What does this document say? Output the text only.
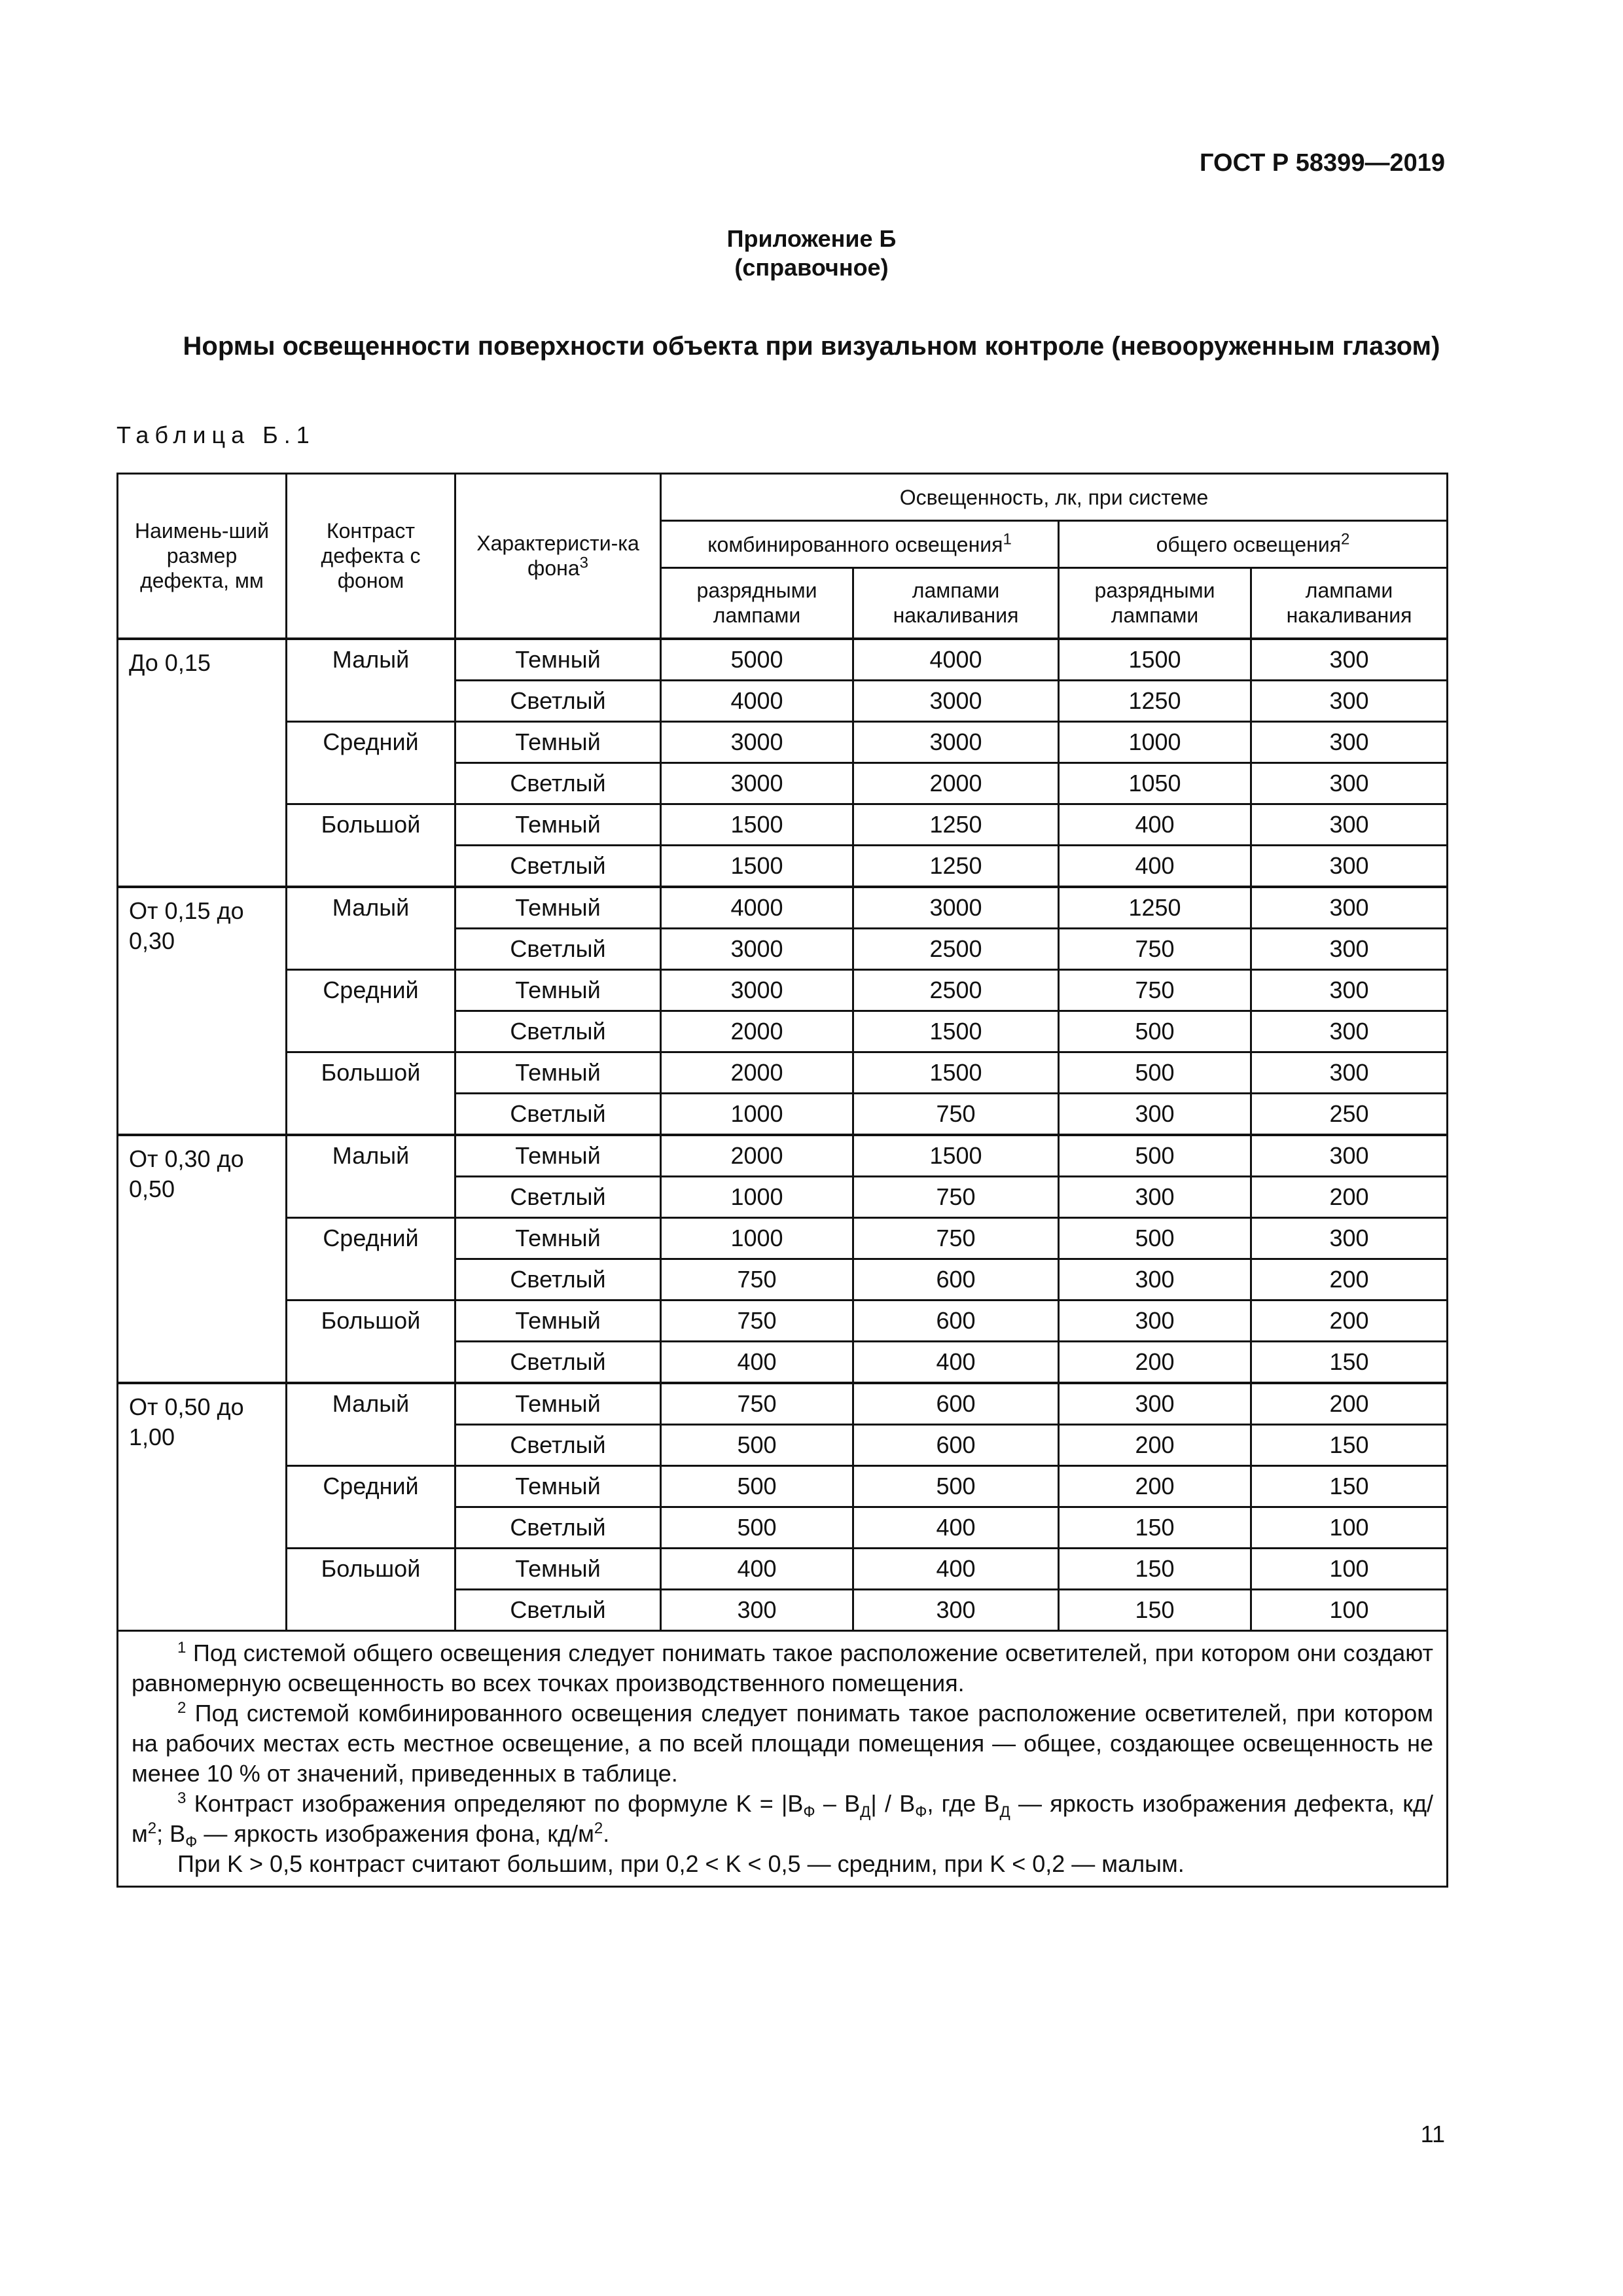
ГОСТ Р 58399—2019
Приложение Б
(справочное)
Нормы освещенности поверхности объекта при визуальном контроле (невооруженным глазом)
Таблица Б.1
Наимень-ший размер дефекта, мм	Контраст дефекта с фоном	Характеристи-ка фона$^3$	Освещенность, лк, при системе			
			комбинированного освещения$^1$		общего освещения$^2$
			разрядными лампами	лампами накаливания	разрядными лампами	лампами накаливания
До 0,15	Малый	Темный	5000	4000	1500	300
		Светлый	4000	3000	1250	300
	Средний	Темный	3000	3000	1000	300
		Светлый	3000	2000	1050	300
	Большой	Темный	1500	1250	400	300
		Светлый	1500	1250	400	300
От 0,15 до 0,30	Малый	Темный	4000	3000	1250	300
		Светлый	3000	2500	750	300
	Средний	Темный	3000	2500	750	300
		Светлый	2000	1500	500	300
	Большой	Темный	2000	1500	500	300
		Светлый	1000	750	300	250
От 0,30 до 0,50	Малый	Темный	2000	1500	500	300
		Светлый	1000	750	300	200
	Средний	Темный	1000	750	500	300
		Светлый	750	600	300	200
	Большой	Темный	750	600	300	200
		Светлый	400	400	200	150
От 0,50 до 1,00	Малый	Темный	750	600	300	200
		Светлый	500	600	200	150
	Средний	Темный	500	500	200	150
		Светлый	500	400	150	100
	Большой	Темный	400	400	150	100
		Светлый	300	300	150	100

$^1$ Под системой общего освещения следует понимать такое расположение осветителей, при котором они создают равномерную освещенность во всех точках производственного помещения.

$^2$ Под системой комбинированного освещения следует понимать такое расположение осветителей, при котором на рабочих местах есть местное освещение, а по всей площади помещения — общее, создающее освещенность не менее 10 % от значений, приведенных в таблице.

$^3$ Контраст изображения определяют по формуле $K = |B_Ф - B_Д| / B_Ф$, где $B_Д$ — яркость изображения дефекта, $кд/м^2$; $B_Ф$ — яркость изображения фона, $кд/м^2$.

При K > 0,5 контраст считают большим, при 0,2 < K < 0,5 — средним, при K < 0,2 — малым.						

11
